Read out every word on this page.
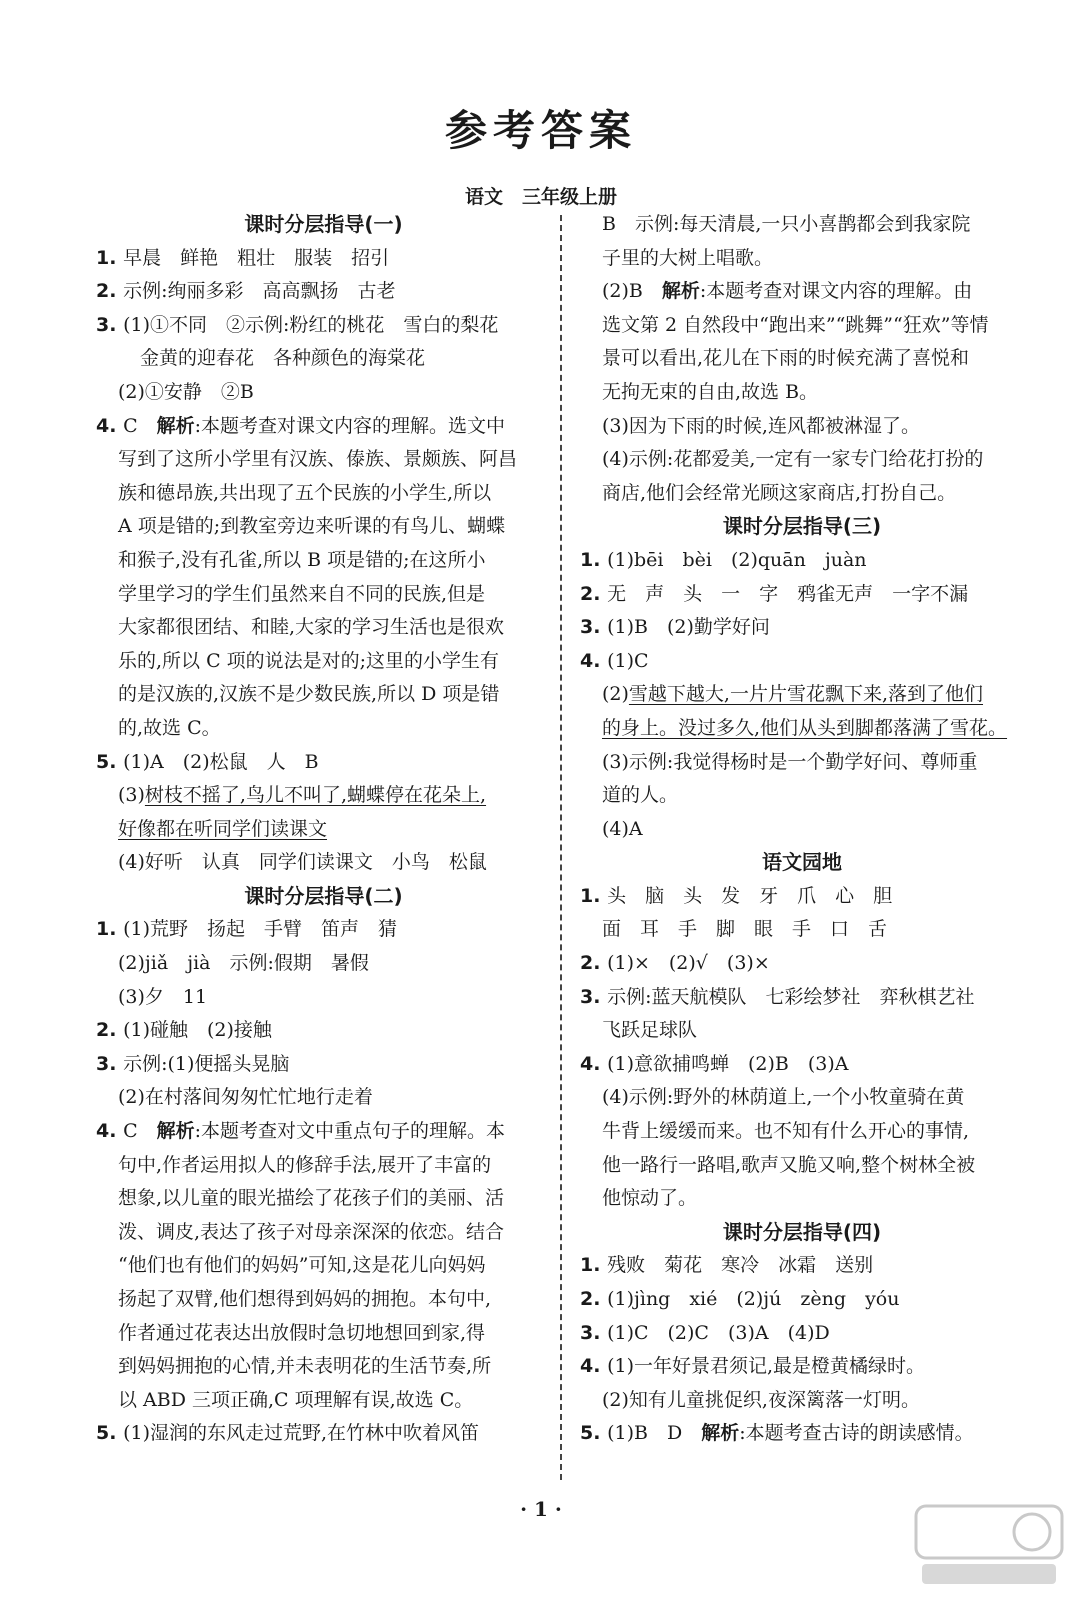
参考答案
语文　三年级上册
课时分层指导(一)
1. 早晨　鲜艳　粗壮　服装　招引
2. 示例:绚丽多彩　高高飘扬　古老
3. (1)①不同　②示例:粉红的桃花　雪白的梨花
金黄的迎春花　各种颜色的海棠花
(2)①安静　②B
4. C　解析:本题考查对课文内容的理解。选文中
写到了这所小学里有汉族、傣族、景颇族、阿昌
族和德昂族,共出现了五个民族的小学生,所以
A 项是错的;到教室旁边来听课的有鸟儿、蝴蝶
和猴子,没有孔雀,所以 B 项是错的;在这所小
学里学习的学生们虽然来自不同的民族,但是
大家都很团结、和睦,大家的学习生活也是很欢
乐的,所以 C 项的说法是对的;这里的小学生有
的是汉族的,汉族不是少数民族,所以 D 项是错
的,故选 C。
5. (1)A　(2)松鼠　人　B
(3)树枝不摇了,鸟儿不叫了,蝴蝶停在花朵上,
好像都在听同学们读课文
(4)好听　认真　同学们读课文　小鸟　松鼠
课时分层指导(二)
1. (1)荒野　扬起　手臂　笛声　猜
(2)jiǎ　jià　示例:假期　暑假
(3)夕　11
2. (1)碰触　(2)接触
3. 示例:(1)便摇头晃脑
(2)在村落间匆匆忙忙地行走着
4. C　解析:本题考查对文中重点句子的理解。本
句中,作者运用拟人的修辞手法,展开了丰富的
想象,以儿童的眼光描绘了花孩子们的美丽、活
泼、调皮,表达了孩子对母亲深深的依恋。结合
“他们也有他们的妈妈”可知,这是花儿向妈妈
扬起了双臂,他们想得到妈妈的拥抱。本句中,
作者通过花表达出放假时急切地想回到家,得
到妈妈拥抱的心情,并未表明花的生活节奏,所
以 ABD 三项正确,C 项理解有误,故选 C。
5. (1)湿润的东风走过荒野,在竹林中吹着风笛
B　示例:每天清晨,一只小喜鹊都会到我家院
子里的大树上唱歌。
(2)B　解析:本题考查对课文内容的理解。由
选文第 2 自然段中“跑出来”“跳舞”“狂欢”等情
景可以看出,花儿在下雨的时候充满了喜悦和
无拘无束的自由,故选 B。
(3)因为下雨的时候,连风都被淋湿了。
(4)示例:花都爱美,一定有一家专门给花打扮的
商店,他们会经常光顾这家商店,打扮自己。
课时分层指导(三)
1. (1)bēi　bèi　(2)quān　juàn
2. 无　声　头　一　字　鸦雀无声　一字不漏
3. (1)B　(2)勤学好问
4. (1)C
(2)雪越下越大,一片片雪花飘下来,落到了他们
的身上。没过多久,他们从头到脚都落满了雪花。
(3)示例:我觉得杨时是一个勤学好问、尊师重
道的人。
(4)A
语文园地
1. 头　脑　头　发　牙　爪　心　胆
面　耳　手　脚　眼　手　口　舌
2. (1)×　(2)√　(3)×
3. 示例:蓝天航模队　七彩绘梦社　弈秋棋艺社
飞跃足球队
4. (1)意欲捕鸣蝉　(2)B　(3)A
(4)示例:野外的林荫道上,一个小牧童骑在黄
牛背上缓缓而来。也不知有什么开心的事情,
他一路行一路唱,歌声又脆又响,整个树林全被
他惊动了。
课时分层指导(四)
1. 残败　菊花　寒冷　冰霜　送别
2. (1)jìng　xié　(2)jú　zèng　yóu
3. (1)C　(2)C　(3)A　(4)D
4. (1)一年好景君须记,最是橙黄橘绿时。
(2)知有儿童挑促织,夜深篱落一灯明。
5. (1)B　D　解析:本题考查古诗的朗读感情。
· 1 ·
